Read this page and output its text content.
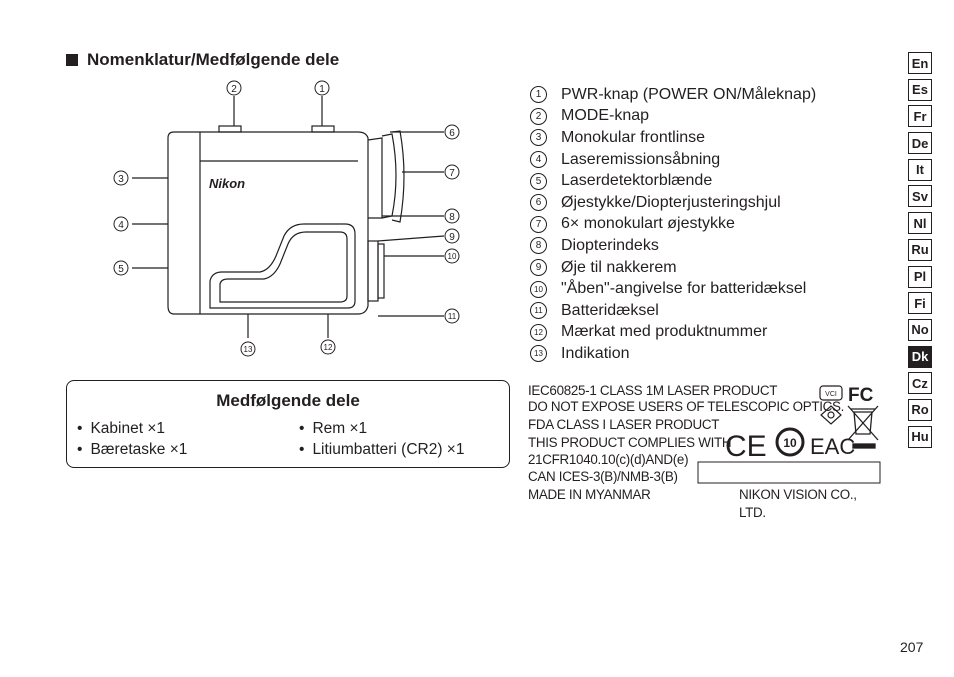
Nomenklatur/Medfølgende dele
Nikon
2	1
3
4
5
6
7
8
9
10
11
13	12
1	PWR-knap (POWER ON/Måleknap)
2	MODE-knap
3	Monokular frontlinse
4	Laseremissionsåbning
5	Laserdetektorblænde
6	Øjestykke/Diopterjusteringshjul
7	6× monokulart øjestykke
8	Diopterindeks
9	Øje til nakkerem
10 "Åben"-angivelse for batteridæksel
11 Batteridæksel
12 Mærkat med produktnummer
13 Indikation
Medfølgende dele
• Kabinet ×1
• Bæretaske ×1
• Rem ×1
• Litiumbatteri (CR2) ×1
IEC60825-1 CLASS 1M LASER PRODUCT
DO NOT EXPOSE USERS OF TELESCOPIC OPTICS.
FDA CLASS I LASER PRODUCT
THIS PRODUCT COMPLIES WITH
21CFR1040.10(c)(d)AND(e)
CAN ICES-3(B)/NMB-3(B)
MADE IN MYANMAR
VCI FC
CE 10 EAC
NIKON VISION CO., LTD.
En
Es
Fr
De
It
Sv
Nl
Ru
Pl
Fi
No
Dk
Cz
Ro
Hu
207
